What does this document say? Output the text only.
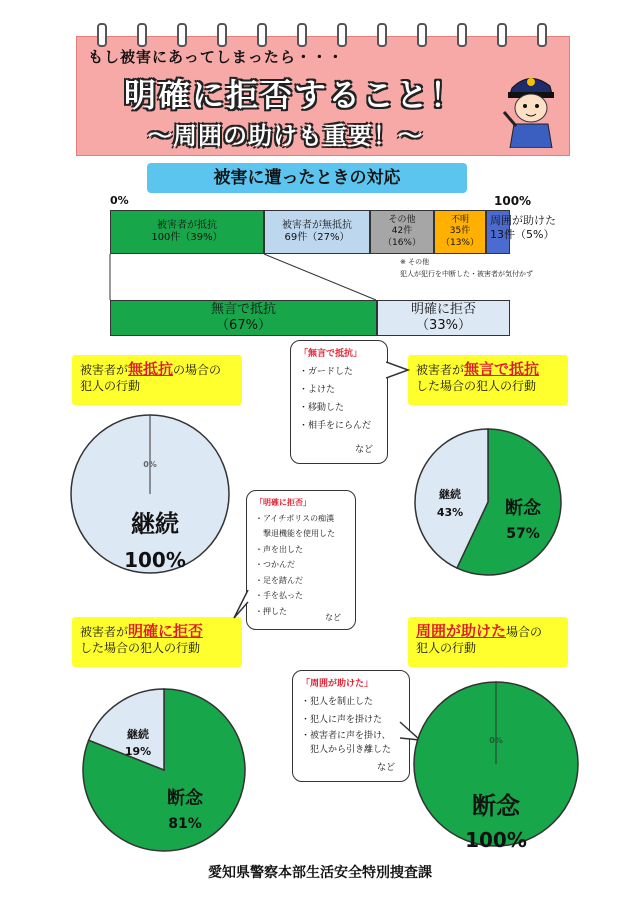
もし被害にあってしまったら・・・
明確に拒否すること！
～周囲の助けも重要！～
被害に遭ったときの対応
0%	100%
被害者が抵抗
100件（39%）
被害者が無抵抗
69件（27%）
その他
42件
（16%）
不明
35件
（13%）
周囲が助けた
13件（5%）
※ その他
犯人が犯行を中断した・被害者が気付かず
無言で抵抗
（67%）
明確に拒否
（33%）
被害者が無抵抗の場合の
犯人の行動
被害者が無言で抵抗
した場合の犯人の行動
被害者が明確に拒否
した場合の犯人の行動
周囲が助けた場合の
犯人の行動
「無言で抵抗」
・ガードした
・よけた
・移動した
・相手をにらんだ
など
「明確に拒否」
・アイチポリスの痴漢
　撃退機能を使用した
・声を出した
・つかんだ
・足を踏んだ
・手を払った
・押した
など
「周囲が助けた」
・犯人を制止した
・犯人に声を掛けた
・被害者に声を掛け、
　犯人から引き離した
など
0%
継続
100%
継続
43%	断念
57%
継続
19%
断念
81%
0%
断念
100%
愛知県警察本部生活安全特別捜査課
